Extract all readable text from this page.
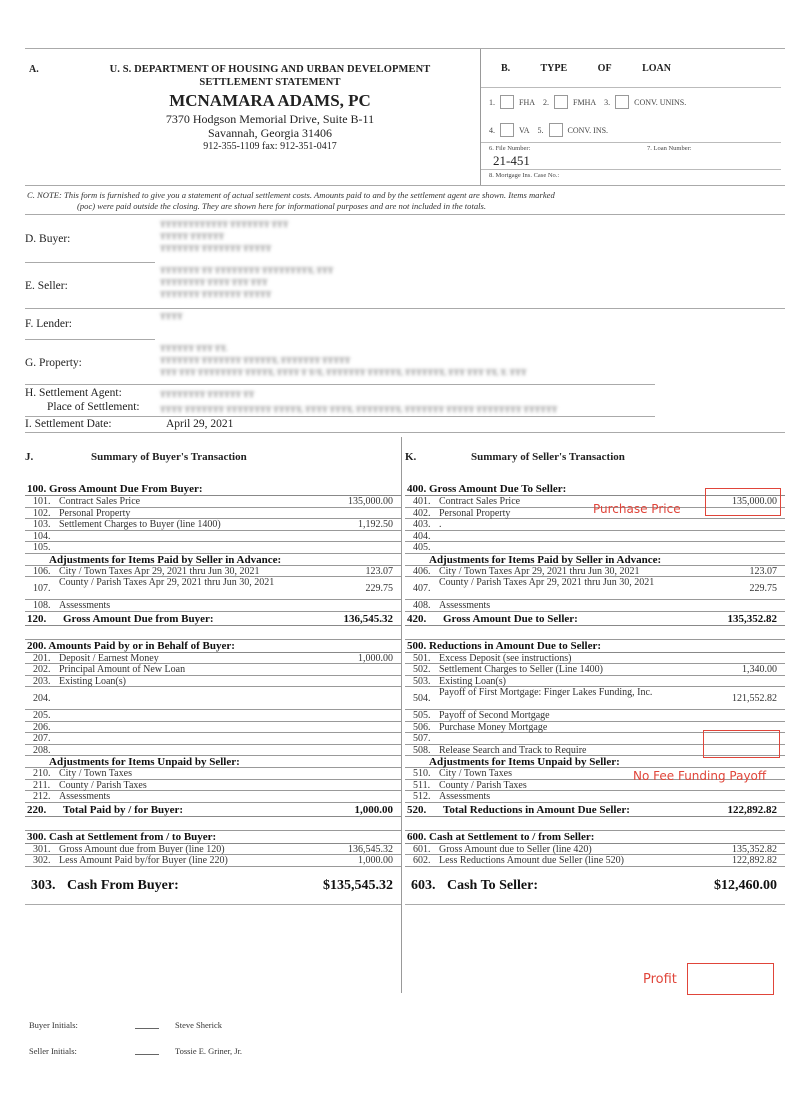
A.	U. S. DEPARTMENT OF HOUSING AND URBAN DEVELOPMENT
SETTLEMENT STATEMENT
MCNAMARA ADAMS, PC
7370 Hodgson Memorial Drive, Suite B-11
Savannah, Georgia 31406
912-355-1109 fax: 912-351-0417
B.	TYPE	OF	LOAN
1.	FHA 2.	FMHA 3.	CONV. UNINS.
4.	VA 5.	CONV. INS.
6. File Number:	7. Loan Number:
21-451
8. Mortgage Ins. Case No.:
C. NOTE: This form is furnished to give you a statement of actual settlement costs. Amounts paid to and by the settlement agent are shown. Items marked
(poc) were paid outside the closing. They are shown here for informational purposes and are not included in the totals.
D. Buyer:
TTTTTTTTTTTT TTTTTTT TTT
TTTTT TTTTTT
TTTTTTT TTTTTTT TTTTT
E. Seller:
TTTTTTT TT TTTTTTTT TTTTTTTTT, TTT
TTTTTTTT TTTT TTT TTT
TTTTTTT TTTTTTT TTTTT
F. Lender:
TTTT
G. Property:
TTTTTT TTT TT.
TTTTTTT TTTTTTT TTTTTT, TTTTTTT TTTTT
TTT TTT TTTTTTTT TTTTT, TTTT T T/T, TTTTTTT TTTTTT, TTTTTTT, TTT TTT TT, T. TTT
H. Settlement Agent:	TTTTTTTT TTTTTT TT
Place of Settlement: TTTT TTTTTTT TTTTTTTT TTTTT, TTTT TTTT, TTTTTTTT, TTTTTTT TTTTT TTTTTTTT TTTTTT
I. Settlement Date:	April 29, 2021
J.	Summary of Buyer's Transaction
100. Gross Amount Due From Buyer:
101. Contract Sales Price	135,000.00
102. Personal Property
103. Settlement Charges to Buyer (line 1400)	1,192.50
104.
105.
Adjustments for Items Paid by Seller in Advance:
106. City / Town Taxes Apr 29, 2021 thru Jun 30, 2021	123.07
107. County / Parish Taxes Apr 29, 2021 thru Jun 30, 2021	229.75
108. Assessments
120.	Gross Amount Due from Buyer:	136,545.32
200. Amounts Paid by or in Behalf of Buyer:
201. Deposit / Earnest Money	1,000.00
202. Principal Amount of New Loan
203. Existing Loan(s)
204.
205.
206.
207.
208.
Adjustments for Items Unpaid by Seller:
210. City / Town Taxes
211. County / Parish Taxes
212. Assessments
220.	Total Paid by / for Buyer:	1,000.00
300. Cash at Settlement from / to Buyer:
301. Gross Amount due from Buyer (line 120)	136,545.32
302. Less Amount Paid by/for Buyer (line 220)	1,000.00
303. Cash From Buyer:	$135,545.32
K.	Summary of Seller's Transaction
400. Gross Amount Due To Seller:
401. Contract Sales Price	135,000.00
402. Personal Property
403. .
404.
405.
Adjustments for Items Paid by Seller in Advance:
406. City / Town Taxes Apr 29, 2021 thru Jun 30, 2021	123.07
407. County / Parish Taxes Apr 29, 2021 thru Jun 30, 2021	229.75
408. Assessments
420.	Gross Amount Due to Seller:	135,352.82
500. Reductions in Amount Due to Seller:
501. Excess Deposit (see instructions)
502. Settlement Charges to Seller (Line 1400)	1,340.00
503. Existing Loan(s)
504. Payoff of First Mortgage: Finger Lakes Funding, Inc.	121,552.82
505. Payoff of Second Mortgage
506. Purchase Money Mortgage
507.
508. Release Search and Track to Require
Adjustments for Items Unpaid by Seller:
510. City / Town Taxes
511. County / Parish Taxes
512. Assessments
520.	Total Reductions in Amount Due Seller:	122,892.82
600. Cash at Settlement to / from Seller:
601. Gross Amount due to Seller (line 420)	135,352.82
602. Less Reductions Amount due Seller (line 520)	122,892.82
603. Cash To Seller:	$12,460.00
Purchase Price
No Fee Funding Payoff
Profit
Buyer Initials:	Steve Sherick
Seller Initials:	Tossie E. Griner, Jr.
